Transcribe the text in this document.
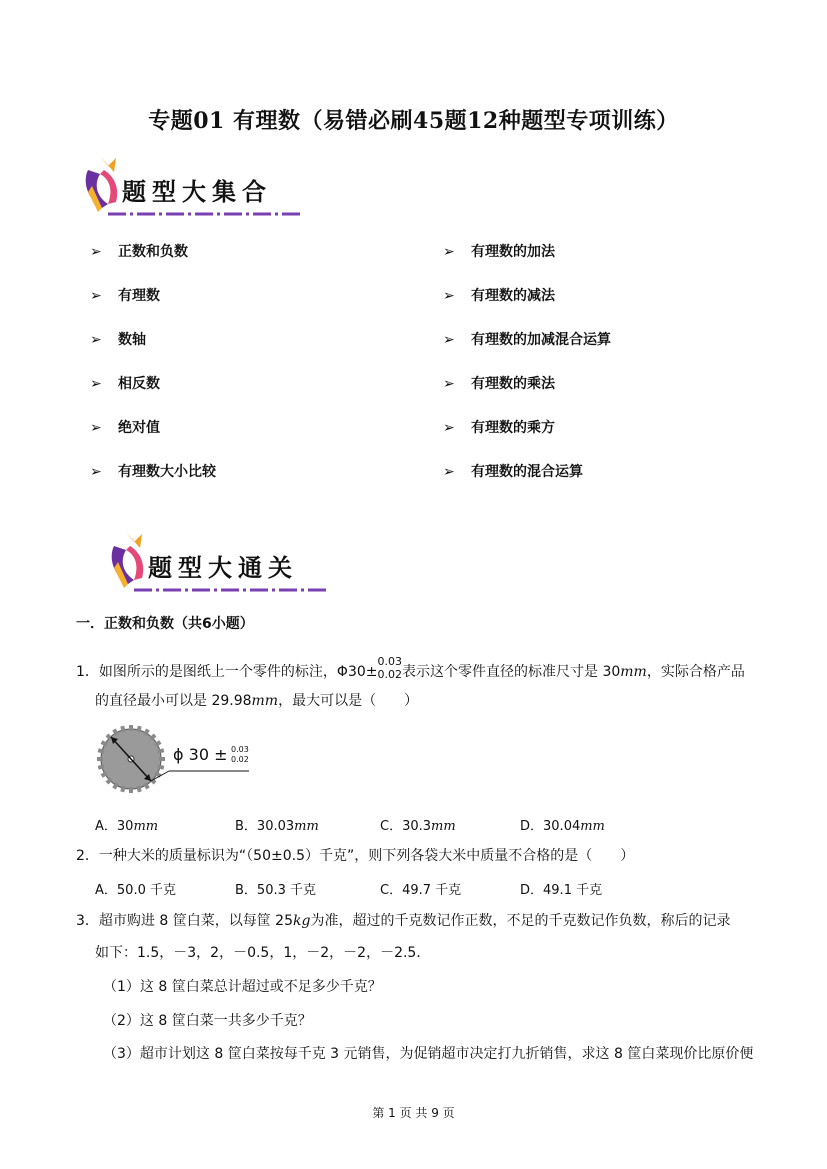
专题01 有理数（易错必刷45题12种题型专项训练）
题型大集合
➢ 正数和负数
➢ 有理数
➢ 数轴
➢ 相反数
➢ 绝对值
➢ 有理数大小比较
➢ 有理数的加法
➢ 有理数的减法
➢ 有理数的加减混合运算
➢ 有理数的乘法
➢ 有理数的乘方
➢ 有理数的混合运算
题型大通关
一．正数和负数（共6小题）
1．如图所示的是图纸上一个零件的标注，Φ30±
0.03
0.02 表示这个零件直径的标准尺寸是 30mm，实际合格产品
的直径最小可以是 29.98mm，最大可以是（　　）
ϕ 30 ± 0.03
0.02
A．30mm	B．30.03mm	C．30.3mm	D．30.04mm
2．一种大米的质量标识为“（50±0.5）千克”，则下列各袋大米中质量不合格的是（　　）
A．50.0 千克	B．50.3 千克	C．49.7 千克	D．49.1 千克
3．超市购进 8 筐白菜，以每筐 25kg为准，超过的千克数记作正数，不足的千克数记作负数，称后的记录
如下：1.5，－3，2，－0.5，1，－2，－2，－2.5．
（1）这 8 筐白菜总计超过或不足多少千克？
（2）这 8 筐白菜一共多少千克？
（3）超市计划这 8 筐白菜按每千克 3 元销售，为促销超市决定打九折销售，求这 8 筐白菜现价比原价便
第 1 页 共 9 页
